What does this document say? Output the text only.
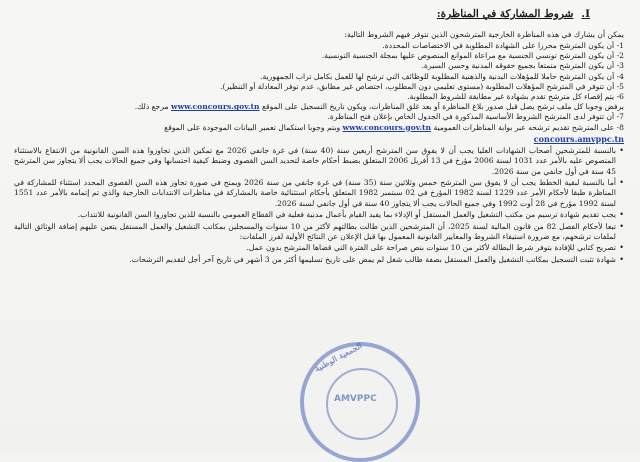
I.
شروط المشاركة في المناظرة:

يمكن أن يشارك في هذه المناظرة الخارجية المترشحون الذين تتوفر فيهم الشروط التالية:

1- أن يكون المترشح محرزا على الشهادة المطلوبة في الاختصاصات المحددة.
2- أن يكون المترشح تونسي الجنسية مع مراعاة الموانع المنصوص عليها بمجلة الجنسية التونسية.
3- أن يكون المترشح متمتعا بجميع حقوقه المدنية وحسن السيرة.
4- أن يكون المترشح حاملا للمؤهلات البدنية والذهنية المطلوبة للوظائف التي ترشح لها للعمل بكامل تراب الجمهورية.
5- أن تتوفر في المترشح المؤهلات المطلوبة (مستوى تعليمي دون المطلوب، اختصاص غير مطابق، عدم توفر المعادلة أو التنظير).
6- يتم إقصاء كل مترشح تقدم بشهادة غير مطابقة للشروط المطلوبة.
يرفض وجوبا كل ملف ترشح يصل قبل صدور بلاغ المناظرة أو بعد غلق المناظرات، ويكون تاريخ التسجيل على الموقع www.concours.gov.tn مرجع ذلك.
7- أن تتوفر لدى المترشح الشروط الأساسية المذكورة في الجدول الخاص بإعلان فتح المناظرة.
8- على المترشح تقديم ترشحه عبر بوابة المناظرات العمومية www.concours.gov.tn وبتم وجوبا استكمال تعمير البيانات الموجودة على الموقع
concours.amvppc.tn
• بالنسبة للمترشحين أصحاب الشهادات العليا يجب أن لا يفوق سن المترشح أربعين سنة (40 سنة) في غرة جانفي 2026 مع تمكين الذين تجاوزوا هذه السن القانونية من الانتفاع بالاستثناء المنصوص عليه بالأمر عدد 1031 لسنة 2006 مؤرخ في 13 أفريل 2006 المتعلق بضبط أحكام خاصة لتحديد السن القصوى وضبط كيفية احتسابها وفي جميع الحالات يجب ألا يتجاوز سن المترشح 45 سنة في أول جانفي من سنة 2026.
• أما بالنسبة لبقية الخطط يجب أن لا يفوق سن المترشح خمس وثلاثين سنة (35 سنة) في غرة جانفي من سنة 2026 ويمنح في صورة تجاوز هذه السن القصوى المحدد استثناء للمشاركة في المناظرة طبقا لأحكام الأمر عدد 1229 لسنة 1982 المؤرخ في 02 سبتمبر 1982 المتعلق بأحكام استثنائية خاصة بالمشاركة في مناظرات الانتدابات الخارجية والذي تم إتمامه بالأمر عدد 1551 لسنة 1992 مؤرخ في 28 أوت 1992 وفي جميع الحالات يجب ألا يتجاوز 40 سنة في أول جانفي لسنة 2026.
• يجب تقديم شهادة ترسيم من مكتب التشغيل والعمل المستقل أو الإدلاء بما يفيد القيام بأعمال مدنية فعلية في القطاع العمومي بالنسبة للذين تجاوزوا السن القانونية للانتداب.
• تبعا لأحكام الفصل 82 من قانون المالية لسنة 2025، أن المترشحين الذين طالت بطالتهم لأكثر من 10 سنوات والمسجلين بمكاتب التشغيل والعمل المستقل يتعين عليهم إضافة الوثائق التالية لملفات ترشحهم، مع ضرورة استيفاء الشروط والمعايير القانونية المعمول بها قبل الإعلان عن النتائج الأولية لفرز الملفات:
• تصريح كتابي للإفادة بتوفر شرط البطالة لأكثر من 10 سنوات بنص صراحة على الفترة التي قضاها المترشح بدون عمل.
• شهادة تثبت التسجيل بمكاتب التشغيل والعمل المستقل بصفة طالب شغل لم يمض على تاريخ تسليمها أكثر من 3 أشهر في تاريخ آخر أجل لتقديم الترشحات.
الجمعية الوطنية
AMVPPC
